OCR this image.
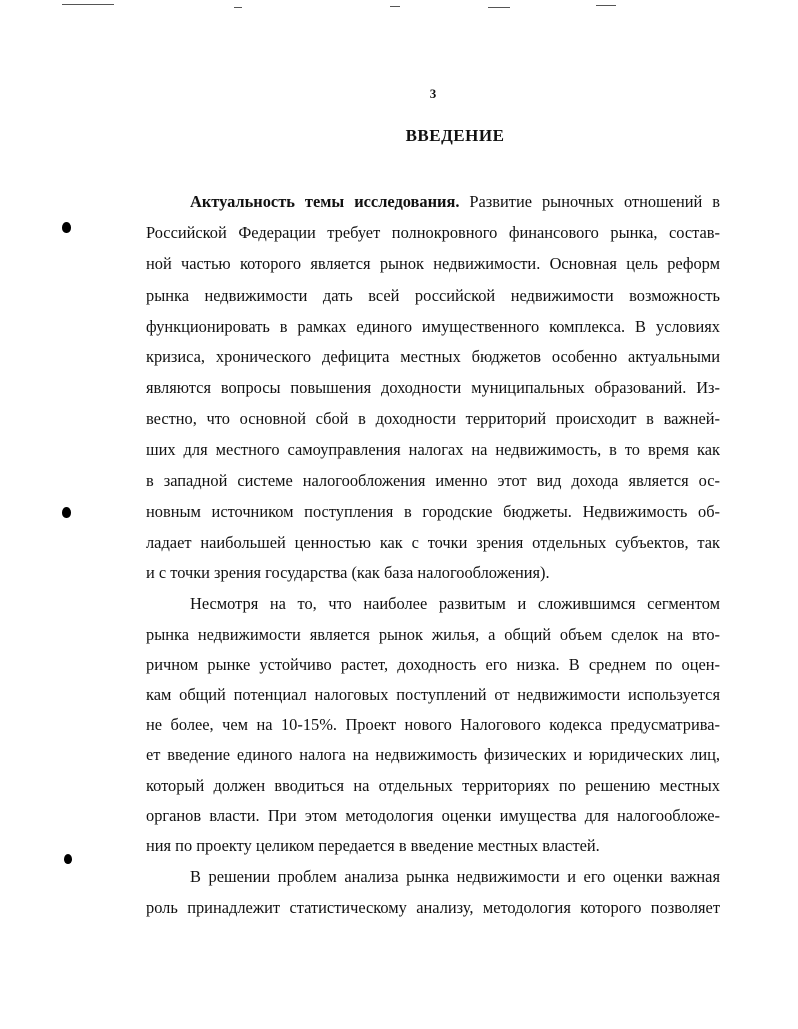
3
ВВЕДЕНИЕ
Актуальность темы исследования. Развитие рыночных отношений в
Российской Федерации требует полнокровного финансового рынка, состав-
ной частью которого является рынок недвижимости. Основная цель реформ
рынка недвижимости дать всей российской недвижимости возможность
функционировать в рамках единого имущественного комплекса. В условиях
кризиса, хронического дефицита местных бюджетов особенно актуальными
являются вопросы повышения доходности муниципальных образований. Из-
вестно, что основной сбой в доходности территорий происходит в важней-
ших для местного самоуправления налогах на недвижимость, в то время как
в западной системе налогообложения именно этот вид дохода является ос-
новным источником поступления в городские бюджеты. Недвижимость об-
ладает наибольшей ценностью как с точки зрения отдельных субъектов, так
и с точки зрения государства (как база налогообложения).
Несмотря на то, что наиболее развитым и сложившимся сегментом
рынка недвижимости является рынок жилья, а общий объем сделок на вто-
ричном рынке устойчиво растет, доходность его низка. В среднем по оцен-
кам общий потенциал налоговых поступлений от недвижимости используется
не более, чем на 10-15%. Проект нового Налогового кодекса предусматрива-
ет введение единого налога на недвижимость физических и юридических лиц,
который должен вводиться на отдельных территориях по решению местных
органов власти. При этом методология оценки имущества для налогообложе-
ния по проекту целиком передается в введение местных властей.
В решении проблем анализа рынка недвижимости и его оценки важная
роль принадлежит статистическому анализу, методология которого позволяет
